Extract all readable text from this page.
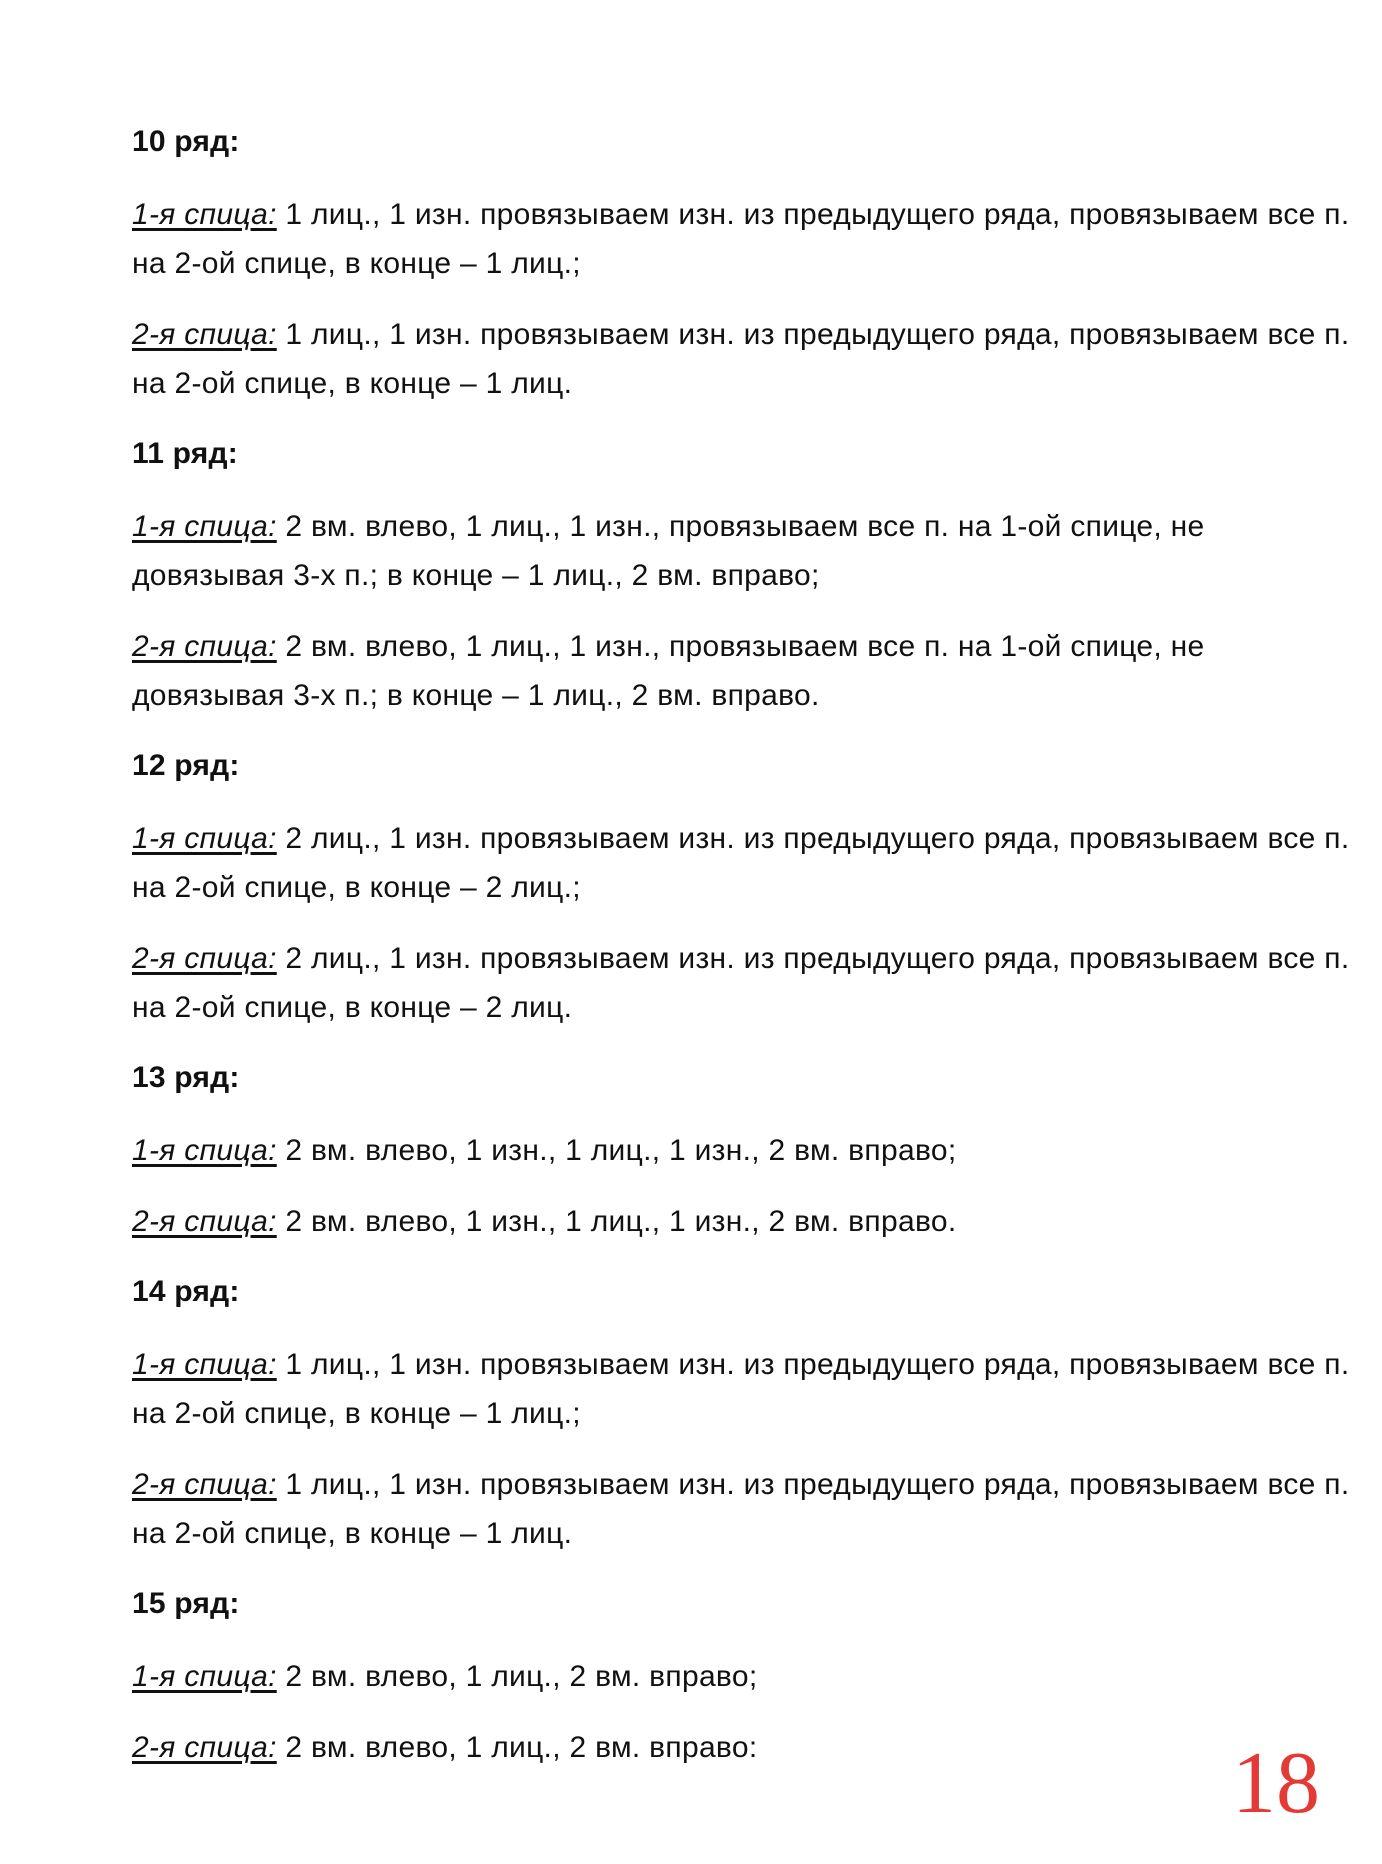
10 ряд:

1-я спица: 1 лиц., 1 изн. провязываем изн. из предыдущего ряда, провязываем все п. на 2-ой спице, в конце – 1 лиц.;

2-я спица: 1 лиц., 1 изн. провязываем изн. из предыдущего ряда, провязываем все п. на 2-ой спице, в конце – 1 лиц.

11 ряд:

1-я спица: 2 вм. влево, 1 лиц., 1 изн., провязываем все п. на 1-ой спице, не довязывая 3-х п.; в конце – 1 лиц., 2 вм. вправо;

2-я спица: 2 вм. влево, 1 лиц., 1 изн., провязываем все п. на 1-ой спице, не довязывая 3-х п.; в конце – 1 лиц., 2 вм. вправо.

12 ряд:

1-я спица: 2 лиц., 1 изн. провязываем изн. из предыдущего ряда, провязываем все п. на 2-ой спице, в конце – 2 лиц.;

2-я спица: 2 лиц., 1 изн. провязываем изн. из предыдущего ряда, провязываем все п. на 2-ой спице, в конце – 2 лиц.

13 ряд:

1-я спица: 2 вм. влево, 1 изн., 1 лиц., 1 изн., 2 вм. вправо;

2-я спица: 2 вм. влево, 1 изн., 1 лиц., 1 изн., 2 вм. вправо.

14 ряд:

1-я спица: 1 лиц., 1 изн. провязываем изн. из предыдущего ряда, провязываем все п. на 2-ой спице, в конце – 1 лиц.;

2-я спица: 1 лиц., 1 изн. провязываем изн. из предыдущего ряда, провязываем все п. на 2-ой спице, в конце – 1 лиц.

15 ряд:

1-я спица: 2 вм. влево, 1 лиц., 2 вм. вправо;

2-я спица: 2 вм. влево, 1 лиц., 2 вм. вправо:	18
